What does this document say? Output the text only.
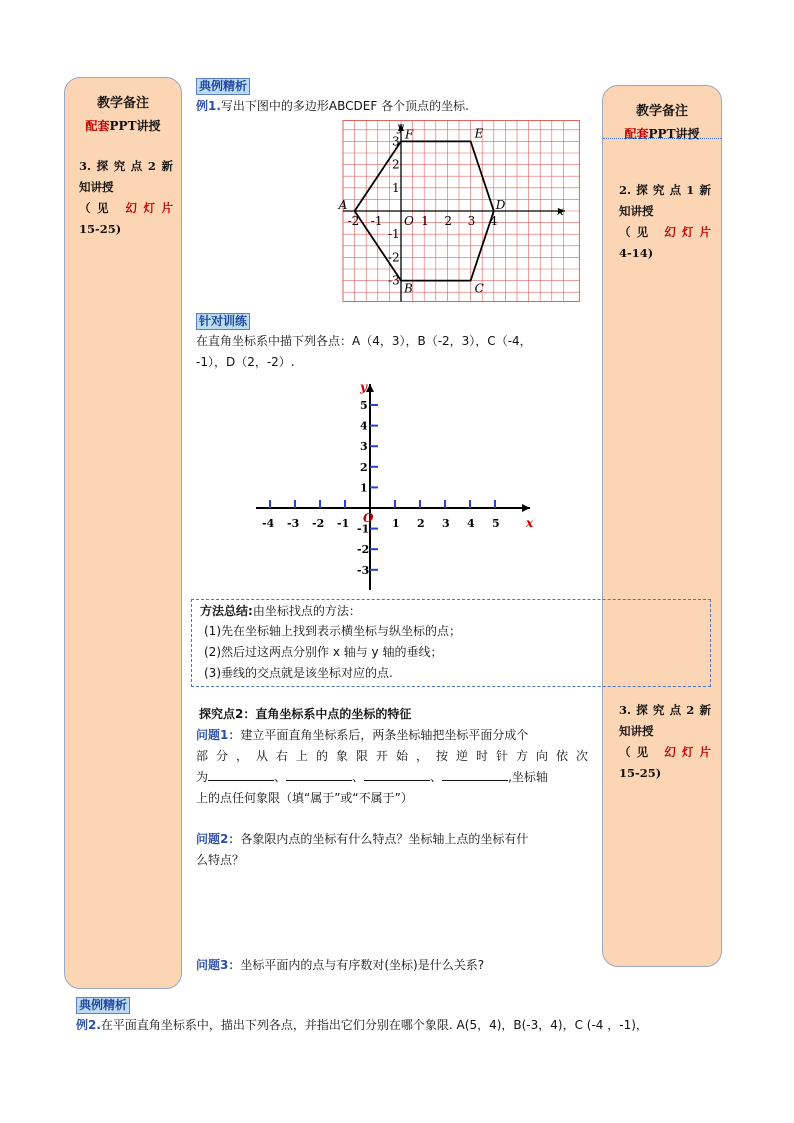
教学备注
配套PPT讲授
3.探究点2新
知讲授
（见 幻灯片
15-25)
教学备注
配套PPT讲授
2.探究点1新
知讲授
（见 幻灯片
4-14)
3.探究点2新
知讲授
（见 幻灯片
15-25)
典例精析
例1.写出下图中的多边形ABCDEF 各个顶点的坐标.
-2 -1	1 2 3 4
3
2
1
-1
-2
-3
O
x
y
A
B	C
D
E
F
针对训练
在直角坐标系中描下列各点：A（4，3），B（-2，3），C（-4，
-1），D（2，-2）.
-4 -3 -2 -1	1 2 3 4 5
5
4
3
2
1
-1
-2
-3
O	x
y
方法总结:由坐标找点的方法：
(1)先在坐标轴上找到表示横坐标与纵坐标的点；
(2)然后过这两点分别作 x 轴与 y 轴的垂线；
(3)垂线的交点就是该坐标对应的点.
探究点2：直角坐标系中点的坐标的特征
问题1：建立平面直角坐标系后，两条坐标轴把坐标平面分成个
部分，从右上的象限开始，按逆时针方向依次
为	、	、	、	,坐标轴
上的点任何象限（填“属于”或“不属于”）
问题2：各象限内点的坐标有什么特点？坐标轴上点的坐标有什
么特点？
问题3：坐标平面内的点与有序数对(坐标)是什么关系?
典例精析
例2.在平面直角坐标系中，描出下列各点，并指出它们分别在哪个象限. A(5，4)，B(-3，4)，C (-4 ，-1)，
